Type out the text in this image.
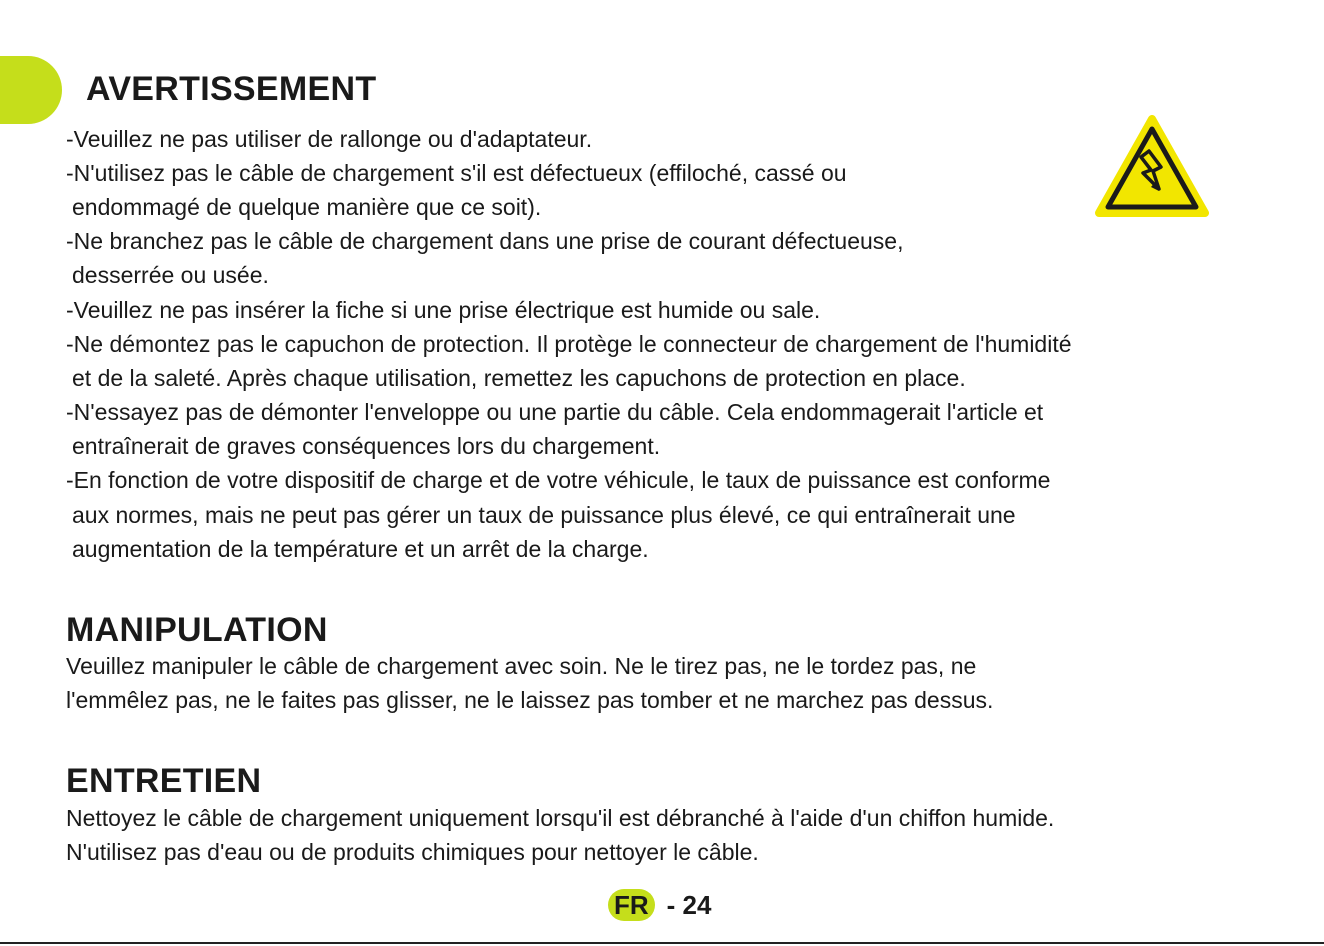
AVERTISSEMENT
-Veuillez ne pas utiliser de rallonge ou d'adaptateur.
-N'utilisez pas le câble de chargement s'il est défectueux (effiloché, cassé ou
endommagé de quelque manière que ce soit).
-Ne branchez pas le câble de chargement dans une prise de courant défectueuse,
desserrée ou usée.
-Veuillez ne pas insérer la fiche si une prise électrique est humide ou sale.
-Ne démontez pas le capuchon de protection. Il protège le connecteur de chargement de l'humidité
et de la saleté. Après chaque utilisation, remettez les capuchons de protection en place.
-N'essayez pas de démonter l'enveloppe ou une partie du câble. Cela endommagerait l'article et
entraînerait de graves conséquences lors du chargement.
-En fonction de votre dispositif de charge et de votre véhicule, le taux de puissance est conforme
aux normes, mais ne peut pas gérer un taux de puissance plus élevé, ce qui entraînerait une
augmentation de la température et un arrêt de la charge.
MANIPULATION
Veuillez manipuler le câble de chargement avec soin. Ne le tirez pas, ne le tordez pas, ne
l'emmêlez pas, ne le faites pas glisser, ne le laissez pas tomber et ne marchez pas dessus.
ENTRETIEN
Nettoyez le câble de chargement uniquement lorsqu'il est débranché à l'aide d'un chiffon humide.
N'utilisez pas d'eau ou de produits chimiques pour nettoyer le câble.
FR - 24
